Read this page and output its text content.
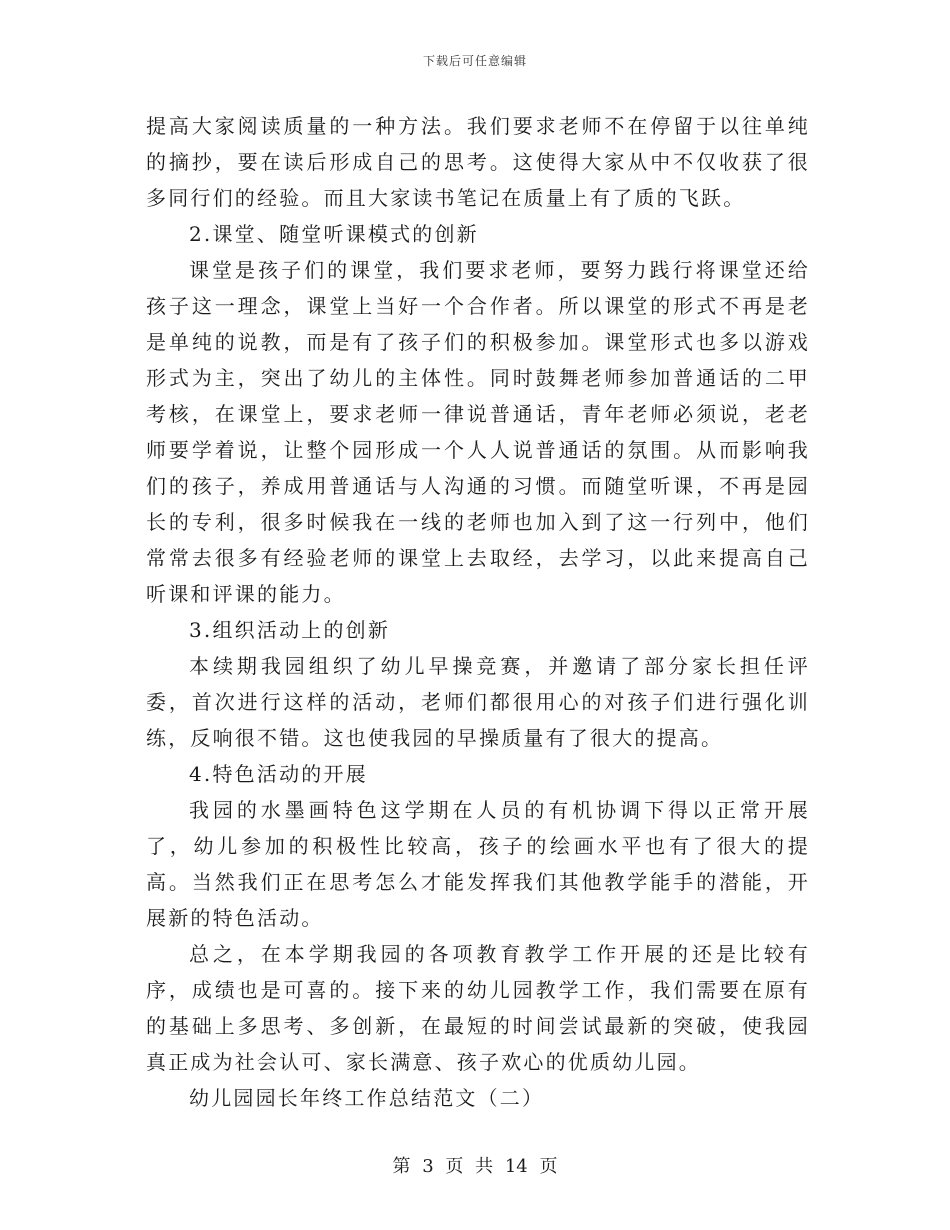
下载后可任意编辑

提高大家阅读质量的一种方法。我们要求老师不在停留于以往单纯的摘抄，要在读后形成自己的思考。这使得大家从中不仅收获了很多同行们的经验。而且大家读书笔记在质量上有了质的飞跃。

2.课堂、随堂听课模式的创新

课堂是孩子们的课堂，我们要求老师，要努力践行将课堂还给孩子这一理念，课堂上当好一个合作者。所以课堂的形式不再是老是单纯的说教，而是有了孩子们的积极参加。课堂形式也多以游戏形式为主，突出了幼儿的主体性。同时鼓舞老师参加普通话的二甲考核，在课堂上，要求老师一律说普通话，青年老师必须说，老老师要学着说，让整个园形成一个人人说普通话的氛围。从而影响我们的孩子，养成用普通话与人沟通的习惯。而随堂听课，不再是园长的专利，很多时候我在一线的老师也加入到了这一行列中，他们常常去很多有经验老师的课堂上去取经，去学习，以此来提高自己听课和评课的能力。

3.组织活动上的创新

本续期我园组织了幼儿早操竞赛，并邀请了部分家长担任评委，首次进行这样的活动，老师们都很用心的对孩子们进行强化训练，反响很不错。这也使我园的早操质量有了很大的提高。

4.特色活动的开展

我园的水墨画特色这学期在人员的有机协调下得以正常开展了，幼儿参加的积极性比较高，孩子的绘画水平也有了很大的提高。当然我们正在思考怎么才能发挥我们其他教学能手的潜能，开展新的特色活动。

总之，在本学期我园的各项教育教学工作开展的还是比较有序，成绩也是可喜的。接下来的幼儿园教学工作，我们需要在原有的基础上多思考、多创新，在最短的时间尝试最新的突破，使我园真正成为社会认可、家长满意、孩子欢心的优质幼儿园。

幼儿园园长年终工作总结范文（二）

第 3 页 共 14 页
